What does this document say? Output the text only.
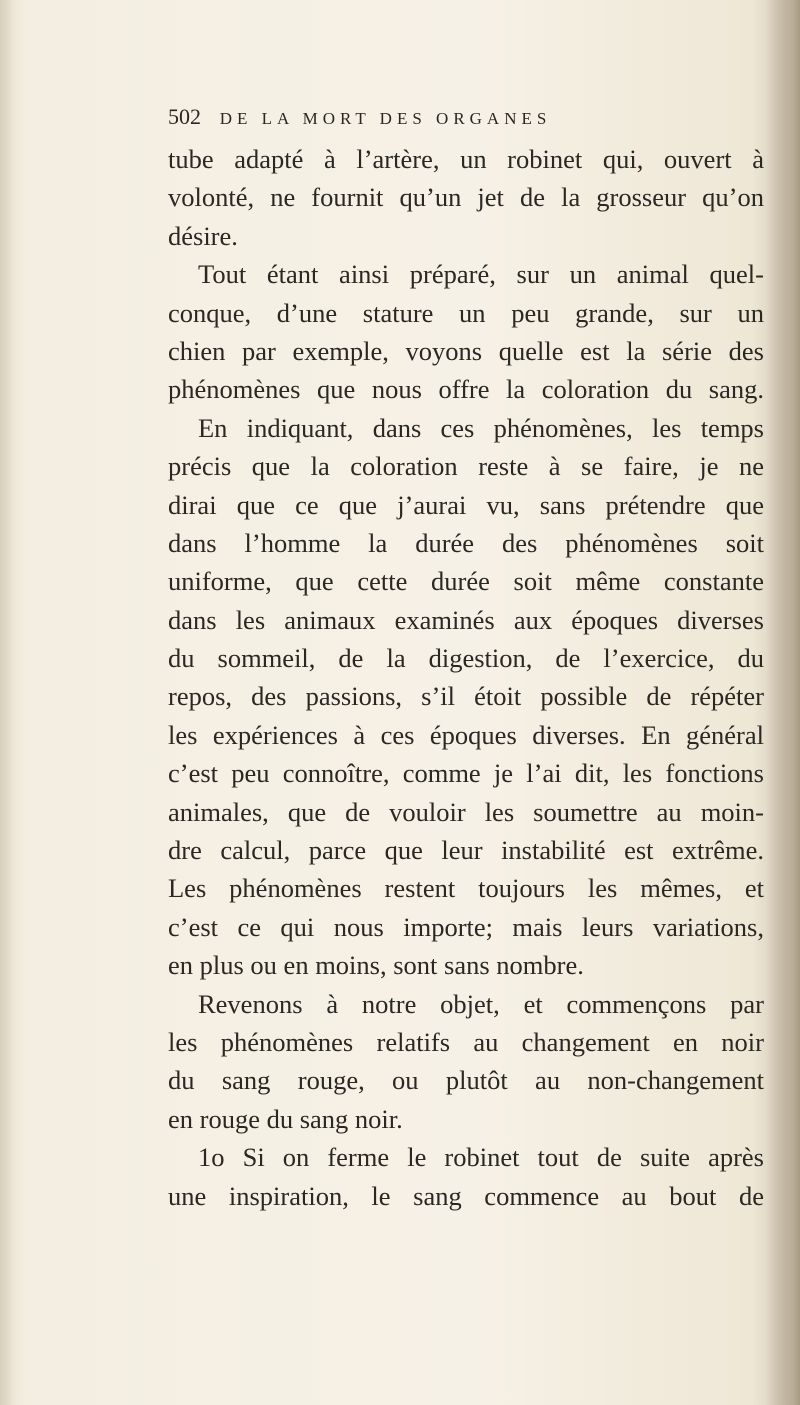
502 DE LA MORT DES ORGANES
tube adapté à l’artère, un robinet qui, ouvert à
volonté, ne fournit qu’un jet de la grosseur qu’on
désire.
Tout étant ainsi préparé, sur un animal quel-
conque, d’une stature un peu grande, sur un
chien par exemple, voyons quelle est la série des
phénomènes que nous offre la coloration du sang.
En indiquant, dans ces phénomènes, les temps
précis que la coloration reste à se faire, je ne
dirai que ce que j’aurai vu, sans prétendre que
dans l’homme la durée des phénomènes soit
uniforme, que cette durée soit même constante
dans les animaux examinés aux époques diverses
du sommeil, de la digestion, de l’exercice, du
repos, des passions, s’il étoit possible de répéter
les expériences à ces époques diverses. En général
c’est peu connoître, comme je l’ai dit, les fonctions
animales, que de vouloir les soumettre au moin-
dre calcul, parce que leur instabilité est extrême.
Les phénomènes restent toujours les mêmes, et
c’est ce qui nous importe; mais leurs variations,
en plus ou en moins, sont sans nombre.
Revenons à notre objet, et commençons par
les phénomènes relatifs au changement en noir
du sang rouge, ou plutôt au non-changement
en rouge du sang noir.
1o Si on ferme le robinet tout de suite après
une inspiration, le sang commence au bout de
